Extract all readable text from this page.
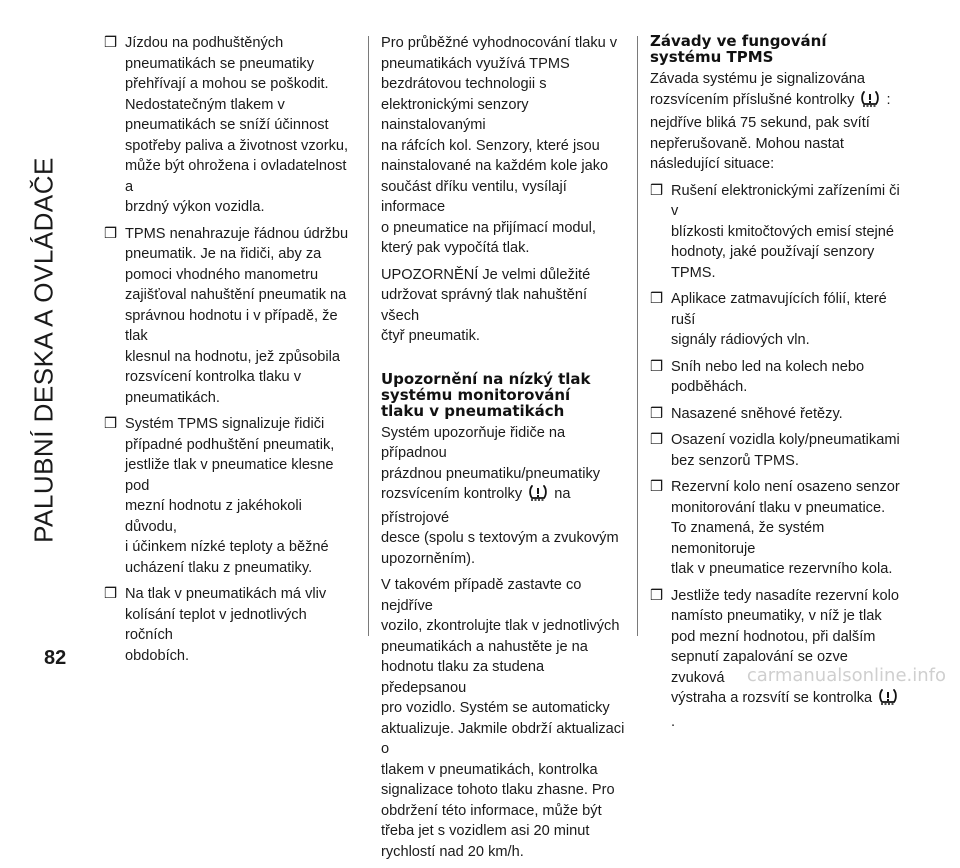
PALUBNÍ DESKA A OVLÁDAČE
82
❒ Jízdou na podhuštěných
pneumatikách se pneumatiky
přehřívají a mohou se poškodit.
Nedostatečným tlakem v
pneumatikách se sníží účinnost
spotřeby paliva a životnost vzorku,
může být ohrožena i ovladatelnost a
brzdný výkon vozidla.
❒ TPMS nenahrazuje řádnou údržbu
pneumatik. Je na řidiči, aby za
pomoci vhodného manometru
zajišťoval nahuštění pneumatik na
správnou hodnotu i v případě, že tlak
klesnul na hodnotu, jež způsobila
rozsvícení kontrolka tlaku v
pneumatikách.
❒ Systém TPMS signalizuje řidiči
případné podhuštění pneumatik,
jestliže tlak v pneumatice klesne pod
mezní hodnotu z jakéhokoli důvodu,
i účinkem nízké teploty a běžné
ucházení tlaku z pneumatiky.
❒ Na tlak v pneumatikách má vliv
kolísání teplot v jednotlivých ročních
obdobích.

Pro průběžné vyhodnocování tlaku v
pneumatikách využívá TPMS
bezdrátovou technologii s
elektronickými senzory nainstalovanými
na ráfcích kol. Senzory, které jsou
nainstalované na každém kole jako
součást dříku ventilu, vysílají informace
o pneumatice na přijímací modul,
který pak vypočítá tlak.

UPOZORNĚNÍ Je velmi důležité
udržovat správný tlak nahuštění všech
čtyř pneumatik.

Upozornění na nízký tlak
systému monitorování
tlaku v pneumatikách

Systém upozorňuje řidiče na případnou
prázdnou pneumatiku/pneumatiky
rozsvícením kontrolky na přístrojové
desce (spolu s textovým a zvukovým
upozorněním).

V takovém případě zastavte co nejdříve
vozilo, zkontrolujte tlak v jednotlivých
pneumatikách a nahustěte je na
hodnotu tlaku za studena předepsanou
pro vozidlo. Systém se automaticky
aktualizuje. Jakmile obdrží aktualizaci o
tlakem v pneumatikách, kontrolka
signalizace tohoto tlaku zhasne. Pro
obdržení této informace, může být
třeba jet s vozidlem asi 20 minut
rychlostí nad 20 km/h.

Závady ve fungování
systému TPMS

Závada systému je signalizována
rozsvícením příslušné kontrolky :
nejdříve bliká 75 sekund, pak svítí
nepřerušovaně. Mohou nastat
následující situace:

❒ Rušení elektronickými zařízeními či v
blízkosti kmitočtových emisí stejné
hodnoty, jaké používají senzory
TPMS.
❒ Aplikace zatmavujících fólií, které ruší
signály rádiových vln.
❒ Sníh nebo led na kolech nebo
podběhách.
❒ Nasazené sněhové řetězy.
❒ Osazení vozidla koly/pneumatikami
bez senzorů TPMS.
❒ Rezervní kolo není osazeno senzor
monitorování tlaku v pneumatice.
To znamená, že systém nemonitoruje
tlak v pneumatice rezervního kola.
❒ Jestliže tedy nasadíte rezervní kolo
namísto pneumatiky, v níž je tlak
pod mezní hodnotou, při dalším
sepnutí zapalování se ozve zvuková
výstraha a rozsvítí se kontrolka  .
carmanualsonline.info
